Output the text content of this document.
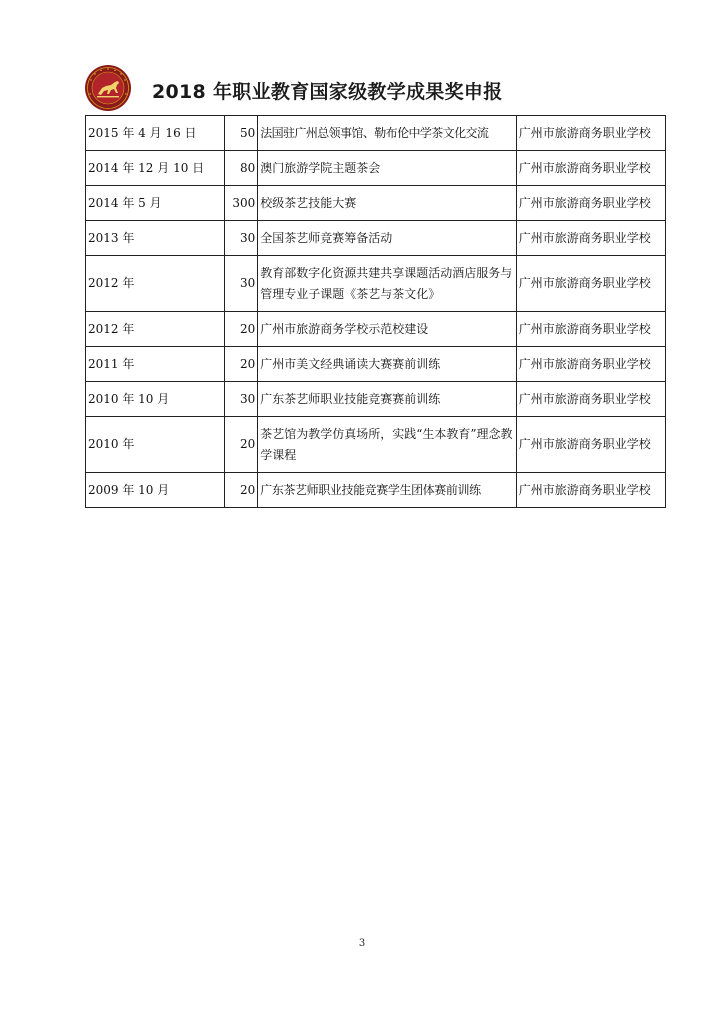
2018 年职业教育国家级教学成果奖申报
2015 年 4 月 16 日	50	法国驻广州总领事馆、勒布伦中学茶文化交流	广州市旅游商务职业学校
2014 年 12 月 10 日	80	澳门旅游学院主题茶会	广州市旅游商务职业学校
2014 年 5 月	300	校级茶艺技能大赛	广州市旅游商务职业学校
2013 年	30	全国茶艺师竞赛筹备活动	广州市旅游商务职业学校
2012 年	30	教育部数字化资源共建共享课题活动酒店服务与管理专业子课题《茶艺与茶文化》	广州市旅游商务职业学校
2012 年	20	广州市旅游商务学校示范校建设	广州市旅游商务职业学校
2011 年	20	广州市美文经典诵读大赛赛前训练	广州市旅游商务职业学校
2010 年 10 月	30	广东茶艺师职业技能竞赛赛前训练	广州市旅游商务职业学校
2010 年	20	茶艺馆为教学仿真场所，实践“生本教育”理念教学课程	广州市旅游商务职业学校
2009 年 10 月	20	广东茶艺师职业技能竞赛学生团体赛前训练	广州市旅游商务职业学校
3
